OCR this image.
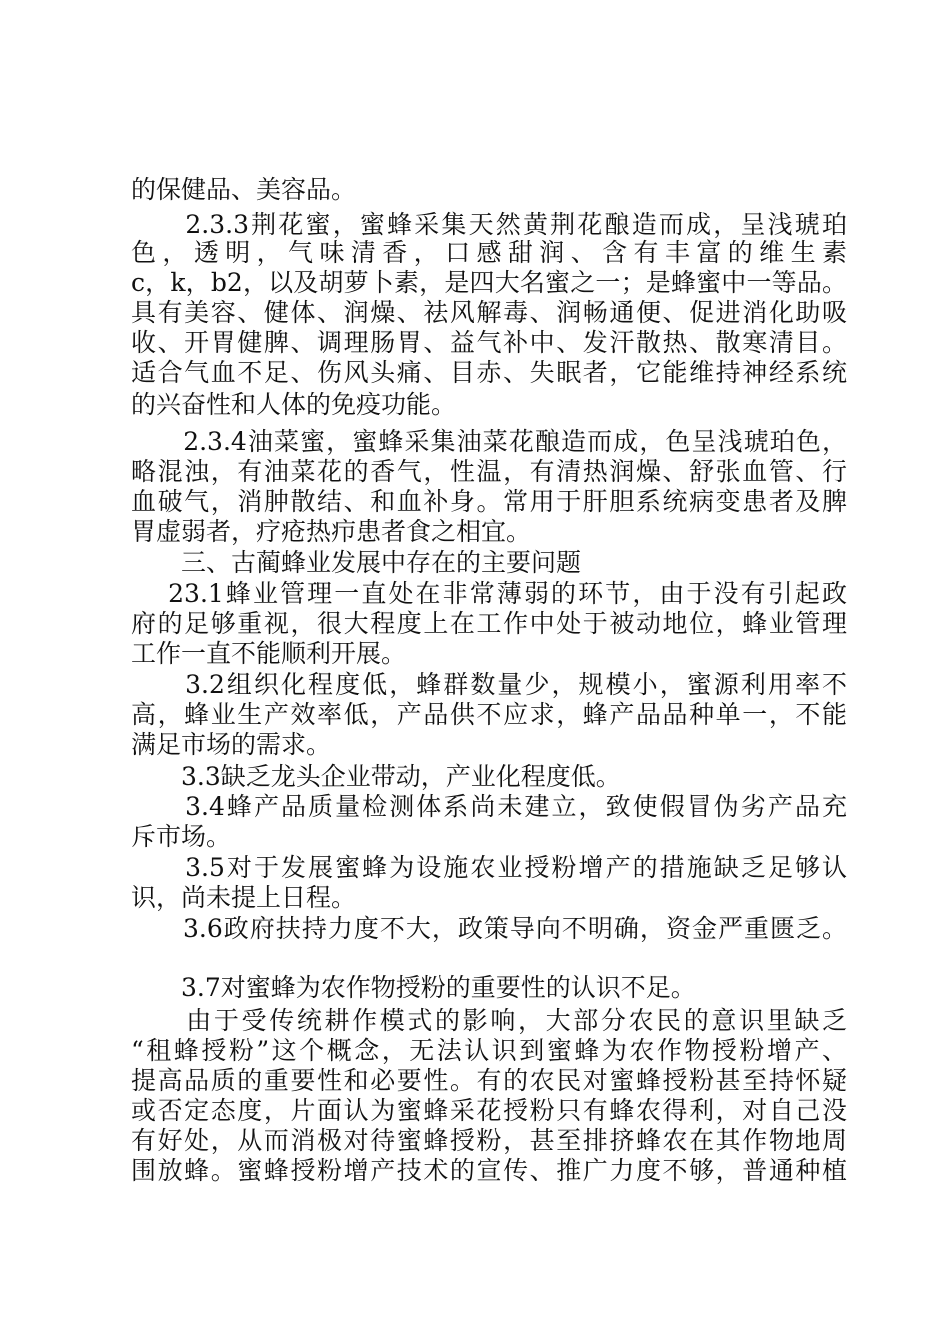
的保健品、美容品。
　　2.3.3荆花蜜，蜜蜂采集天然黄荆花酿造而成，呈浅琥珀
色，透明，气味清香，口感甜润、含有丰富的维生素
c，k，b2，以及胡萝卜素，是四大名蜜之一；是蜂蜜中一等品。
具有美容、健体、润燥、祛风解毒、润畅通便、促进消化助吸
收、开胃健脾、调理肠胃、益气补中、发汗散热、散寒清目。
适合气血不足、伤风头痛、目赤、失眠者，它能维持神经系统
的兴奋性和人体的免疫功能。
　　2.3.4油菜蜜，蜜蜂采集油菜花酿造而成，色呈浅琥珀色，
略混浊，有油菜花的香气，性温，有清热润燥、舒张血管、行
血破气，消肿散结、和血补身。常用于肝胆系统病变患者及脾
胃虚弱者，疗疮热疖患者食之相宜。
　　三、古蔺蜂业发展中存在的主要问题
　 23.1蜂业管理一直处在非常薄弱的环节，由于没有引起政
府的足够重视，很大程度上在工作中处于被动地位，蜂业管理
工作一直不能顺利开展。
　　3.2组织化程度低，蜂群数量少，规模小，蜜源利用率不
高，蜂业生产效率低，产品供不应求，蜂产品品种单一，不能
满足市场的需求。
　　3.3缺乏龙头企业带动，产业化程度低。
　　3.4蜂产品质量检测体系尚未建立，致使假冒伪劣产品充
斥市场。
　　3.5对于发展蜜蜂为设施农业授粉增产的措施缺乏足够认
识，尚未提上日程。
　　3.6政府扶持力度不大，政策导向不明确，资金严重匮乏。
　　3.7对蜜蜂为农作物授粉的重要性的认识不足。
　　由于受传统耕作模式的影响，大部分农民的意识里缺乏
“租蜂授粉”这个概念，无法认识到蜜蜂为农作物授粉增产、
提高品质的重要性和必要性。有的农民对蜜蜂授粉甚至持怀疑
或否定态度，片面认为蜜蜂采花授粉只有蜂农得利，对自己没
有好处，从而消极对待蜜蜂授粉，甚至排挤蜂农在其作物地周
围放蜂。蜜蜂授粉增产技术的宣传、推广力度不够，普通种植
